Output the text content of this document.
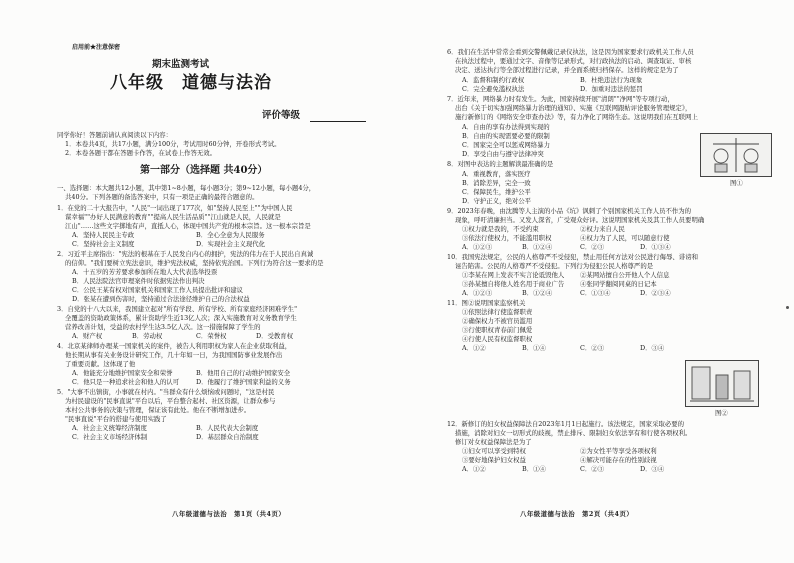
启用前★注意保密
期末监测考试
八年级　道德与法治
评价等级
同学你好！答题前请认真阅读以下内容：
1．本卷共4页，共17小题，满分100分，考试用时60分钟，开卷形式考试。
2．本卷各题干都在答题卡作答，在试卷上作答无效。
第一部分（选择题 共40分）
一、选择题：本大题共12小题，其中第1~8小题，每小题3分；第9~12小题，每小题4分，
共40分。下列各题的备选答案中，只有一项是正确的最符合题意的。
1．在党的二十大报告中，"人民"一词出现了177次，如"坚持人民至上""为中国人民
谋幸福""办好人民满意的教育""提高人民生活品质""江山就是人民，人民就是
江山"……这些文字掷地有声，直抵人心，体现中国共产党的根本宗旨。这一根本宗旨是
A．坚持人民民主专政	B．全心全意为人民服务
C．坚持社会主义制度	D．实现社会主义现代化
2．习近平主席指出："宪法的根基在于人民发自内心的拥护，宪法的伟力在于人民出自真诚
的信仰。"我们要树立宪法意识，维护宪法权威，坚持依宪治国。下列行为符合这一要求的是
A．十五岁的芳芳要求参加所在地人大代表选举投票
B．人民法院法官审理案件时依据宪法作出判决
C．公民王某有权对国家机关和国家工作人员提出批评和建议
D．张某在遭到伤害时，坚持通过合法途径维护自己的合法权益
3．自党的十八大以来，我国建立起对"所有学段、所有学校、所有家庭经济困难学生"
全覆盖的资助政策体系，累计资助学生近13亿人次；深入实施教育对义务教育学生
营养改善计划，受益的农村学生达3.5亿人次。这一措施保障了学生的
A．财产权	B．劳动权	C．荣誉权	D．受教育权
4．北京某律师办理某一国家机关的案件，被告人利用职权为家人在企业获取利益，
他长期从事有关业务设计研究工作，几十年如一日，为我国国防事业发展作出
了重要贡献。这体现了他
A．他能充分地维护国家安全和荣誉	B．他用自己的行动维护国家安全
C．他只是一种追求社会和他人的认可	D．他履行了维护国家利益的义务
5．"大事不出镇街，小事就在村内。"当群众有什么烦恼或问题时，"这是村民
为村民建设的"民事直说"平台以后，平台整合起村、社区资源，让群众参与
本村公共事务的决策与管理，保证该有此处。他在不断增加进步。
"民事直说"平台的搭建与使用实践了
A．社会主义统筹经济制度	B．人民代表大会制度
C．社会主义市场经济体制	D．基层群众自治制度
八年级道德与法治　第1页（共4页）
6．我们在生活中常常会看到交警佩戴记录仪执法，这是因为国家要求行政机关工作人员
在执法过程中，要通过文字、音像等记录形式，对行政执法的启动、调查取证、审核
决定、送达执行等全部过程进行记录，并全面系统归档保存。这样的规定是为了
A．监督和制约行政权	B．杜绝违法行为现象
C．完全避免滥权执法	D．加重对违法的惩罚
7．近年来，网络暴力时有发生。为此，国家持续开展"清朗""净网"等专项行动，
出台《关于切实加强网络暴力治理的通知》、实施《互联网跟帖评论服务管理规定》，
施行新修订的《网络安全审查办法》等，有力净化了网络生态。这说明我们在互联网上
A．自由的享有办法得到实现的
B．自由的实现需要必要的限制
C．国家完全可以惩戒网络暴力
D．享受自由与遵守法律冲突
8．对图中表达的主题解读最准确的是
A．重视教育，落实医疗
B．消除差异，完全一致
C．保障民生，维护公平
D．守护正义，绝对公平
9．2023年春晚，由沈腾等人主演的小品《坑》讽刺了个别国家机关工作人员不作为的
现象，呼吁清廉担当。又发人深省，广受观众好评。这说明国家机关及其工作人员要明确
①权力就是我的，不受约束	②权力来自人民
③依法行使权力，不能滥用职权	④权力为了人民，可以随意行使
A．①②③	B．①②④	C．②③	D．①③④
10．我国宪法规定，公民的人格尊严不受侵犯，禁止用任何方法对公民进行侮辱、诽谤和
诬告陷害。公民的人格尊严不受侵犯。下列行为侵犯公民人格尊严的是
①李某在网上发表不实言论诋毁他人 ②某网站擅自公开他人个人信息
③孙某擅自将他人姓名用于商业广告 ④张同学翻阅同桌的日记本
A．①②③	B．①②④	C．①③④	D．②③④
11．图②说明国家监察机关
①依照法律行使监督职责
②确保权力不被官员滥用
③行使职权青春前门佩爱
④行使人民有权监督职权
A．①②	B．①④	C．②③	D．③④
12．新修订的妇女权益保障法自2023年1月1日起施行。该法规定，国家采取必要的
措施，消除对妇女一切形式的歧视，禁止排斥、限制妇女依法享有和行使各项权利。
修订对女权益保障法是为了
①妇女可以享受到特权	②为女性平等享受各项权利
③要好地保护妇女权益	④解决可能存在的性别歧视
A．①②	B．①④	C．②③	D．③④
图①
图②
八年级道德与法治　第2页（共4页）
